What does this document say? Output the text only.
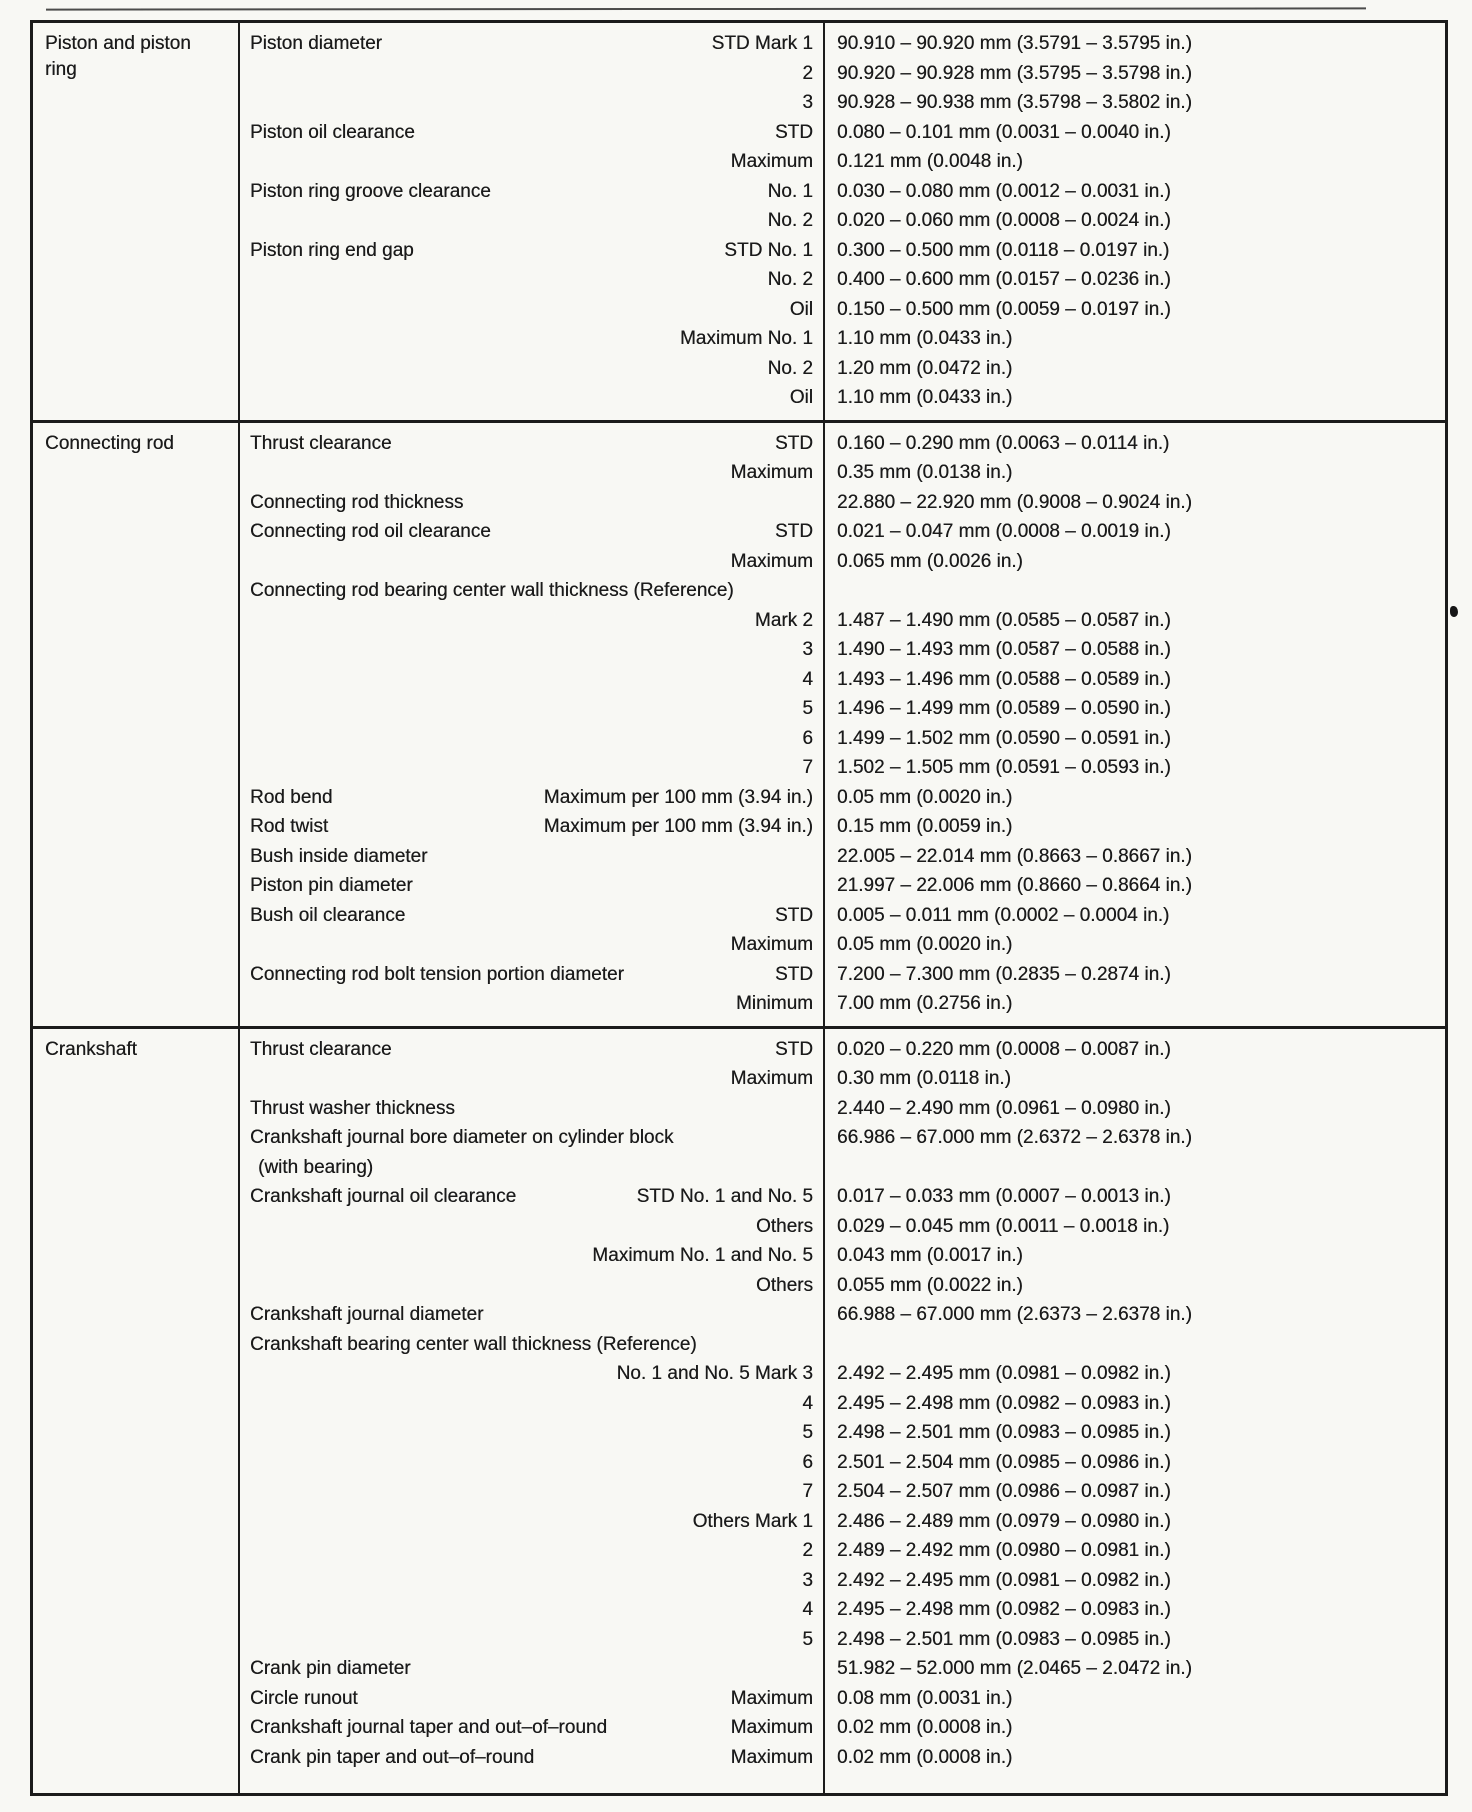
Piston and piston ring
Piston diameter	STD Mark 1	90.910 – 90.920 mm (3.5791 – 3.5795 in.)
2	90.920 – 90.928 mm (3.5795 – 3.5798 in.)
3	90.928 – 90.938 mm (3.5798 – 3.5802 in.)
Piston oil clearance	STD	0.080 – 0.101 mm (0.0031 – 0.0040 in.)
Maximum	0.121 mm (0.0048 in.)
Piston ring groove clearance	No. 1	0.030 – 0.080 mm (0.0012 – 0.0031 in.)
No. 2	0.020 – 0.060 mm (0.0008 – 0.0024 in.)
Piston ring end gap	STD No. 1	0.300 – 0.500 mm (0.0118 – 0.0197 in.)
No. 2	0.400 – 0.600 mm (0.0157 – 0.0236 in.)
Oil	0.150 – 0.500 mm (0.0059 – 0.0197 in.)
Maximum No. 1	1.10 mm (0.0433 in.)
No. 2	1.20 mm (0.0472 in.)
Oil	1.10 mm (0.0433 in.)
Connecting rod	Thrust clearance	STD	0.160 – 0.290 mm (0.0063 – 0.0114 in.)
Maximum	0.35 mm (0.0138 in.)
Connecting rod thickness	22.880 – 22.920 mm (0.9008 – 0.9024 in.)
Connecting rod oil clearance	STD	0.021 – 0.047 mm (0.0008 – 0.0019 in.)
Maximum	0.065 mm (0.0026 in.)
Connecting rod bearing center wall thickness (Reference)
Mark 2	1.487 – 1.490 mm (0.0585 – 0.0587 in.)
3	1.490 – 1.493 mm (0.0587 – 0.0588 in.)
4	1.493 – 1.496 mm (0.0588 – 0.0589 in.)
5	1.496 – 1.499 mm (0.0589 – 0.0590 in.)
6	1.499 – 1.502 mm (0.0590 – 0.0591 in.)
7	1.502 – 1.505 mm (0.0591 – 0.0593 in.)
Rod bend	Maximum per 100 mm (3.94 in.)	0.05 mm (0.0020 in.)
Rod twist	Maximum per 100 mm (3.94 in.)	0.15 mm (0.0059 in.)
Bush inside diameter	22.005 – 22.014 mm (0.8663 – 0.8667 in.)
Piston pin diameter	21.997 – 22.006 mm (0.8660 – 0.8664 in.)
Bush oil clearance	STD	0.005 – 0.011 mm (0.0002 – 0.0004 in.)
Maximum	0.05 mm (0.0020 in.)
Connecting rod bolt tension portion diameter	STD	7.200 – 7.300 mm (0.2835 – 0.2874 in.)
Minimum	7.00 mm (0.2756 in.)
Crankshaft	Thrust clearance	STD	0.020 – 0.220 mm (0.0008 – 0.0087 in.)
Maximum	0.30 mm (0.0118 in.)
Thrust washer thickness	2.440 – 2.490 mm (0.0961 – 0.0980 in.)
Crankshaft journal bore diameter on cylinder block	66.986 – 67.000 mm (2.6372 – 2.6378 in.)
(with bearing)
Crankshaft journal oil clearance	STD No. 1 and No. 5	0.017 – 0.033 mm (0.0007 – 0.0013 in.)
Others	0.029 – 0.045 mm (0.0011 – 0.0018 in.)
Maximum No. 1 and No. 5	0.043 mm (0.0017 in.)
Others	0.055 mm (0.0022 in.)
Crankshaft journal diameter	66.988 – 67.000 mm (2.6373 – 2.6378 in.)
Crankshaft bearing center wall thickness (Reference)
No. 1 and No. 5 Mark 3	2.492 – 2.495 mm (0.0981 – 0.0982 in.)
4	2.495 – 2.498 mm (0.0982 – 0.0983 in.)
5	2.498 – 2.501 mm (0.0983 – 0.0985 in.)
6	2.501 – 2.504 mm (0.0985 – 0.0986 in.)
7	2.504 – 2.507 mm (0.0986 – 0.0987 in.)
Others Mark 1	2.486 – 2.489 mm (0.0979 – 0.0980 in.)
2	2.489 – 2.492 mm (0.0980 – 0.0981 in.)
3	2.492 – 2.495 mm (0.0981 – 0.0982 in.)
4	2.495 – 2.498 mm (0.0982 – 0.0983 in.)
5	2.498 – 2.501 mm (0.0983 – 0.0985 in.)
Crank pin diameter	51.982 – 52.000 mm (2.0465 – 2.0472 in.)
Circle runout	Maximum	0.08 mm (0.0031 in.)
Crankshaft journal taper and out–of–round	Maximum	0.02 mm (0.0008 in.)
Crank pin taper and out–of–round	Maximum	0.02 mm (0.0008 in.)
